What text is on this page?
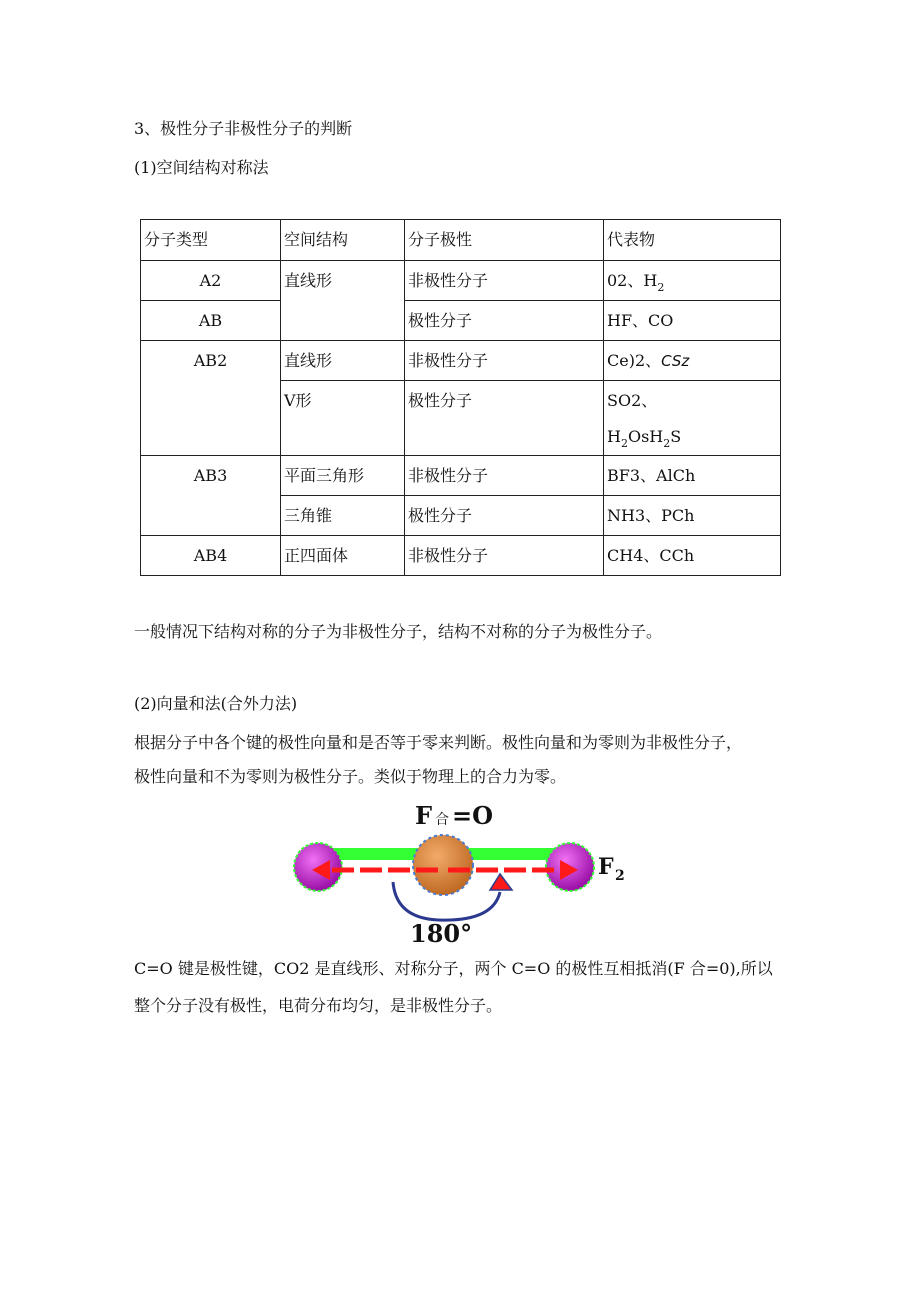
3、极性分子非极性分子的判断
(1)空间结构对称法
分子类型	空间结构	分子极性	代表物

A2	直线形	非极性分子	02、$H_2$

AB		极性分子	HF、CO

AB2	直线形	非极性分子	Ce)2、CSz

	V形	极性分子	SO2、
$H_2OsH_2S$

AB3	平面三角形	非极性分子	BF3、AlCh

	三角锥	极性分子	NH3、PCh

AB4	正四面体	非极性分子	CH4、CCh
一般情况下结构对称的分子为非极性分子，结构不对称的分子为极性分子。
(2)向量和法(合外力法)
根据分子中各个键的极性向量和是否等于零来判断。极性向量和为零则为非极性分子，
极性向量和不为零则为极性分子。类似于物理上的合力为零。
F 合 =O
F 2
180°
C=O 键是极性键，CO2 是直线形、对称分子，两个 C=O 的极性互相抵消(F 合=0),所以
整个分子没有极性，电荷分布均匀，是非极性分子。
